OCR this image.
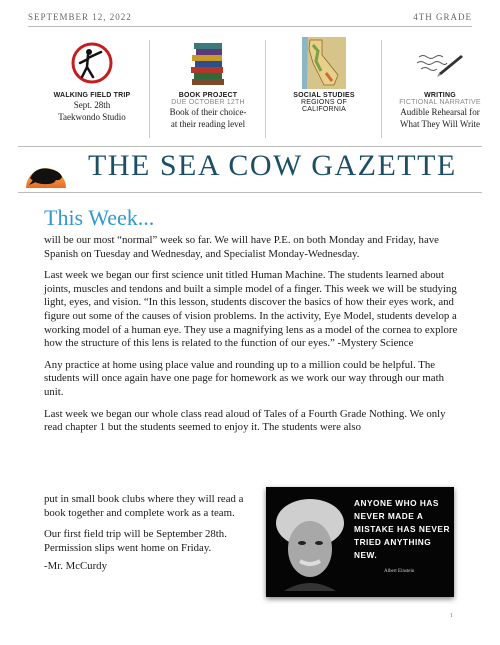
SEPTEMBER 12, 2022	4TH GRADE
WALKING FIELD TRIP
Sept. 28th
Taekwondo Studio
BOOK PROJECT
DUE OCTOBER 12TH
Book of their choice-
at their reading level
SOCIAL STUDIES
REGIONS OF
CALIFORNIA
WRITING
FICTIONAL NARRATIVE
Audible Rehearsal for
What They Will Write
THE SEA COW GAZETTE
This Week...

will be our most “normal” week so far. We will have P.E. on both Monday and Friday, have Spanish on Tuesday and Wednesday, and Specialist Monday-Wednesday.

Last week we began our first science unit titled Human Machine. The students learned about joints, muscles and tendons and built a simple model of a finger. This week we will be studying light, eyes, and vision. “In this lesson, students discover the basics of how their eyes work, and figure out some of the causes of vision problems. In the activity, Eye Model, students develop a working model of a human eye. They use a magnifying lens as a model of the cornea to explore how the structure of this lens is related to the function of our eyes.” -Mystery Science

Any practice at home using place value and rounding up to a million could be helpful. The students will once again have one page for homework as we work our way through our math unit.

Last week we began our whole class read aloud of Tales of a Fourth Grade Nothing. We only read chapter 1 but the students seemed to enjoy it. The students were also

put in small book clubs where they will read a book together and complete work as a team.

Our first field trip will be September 28th. Permission slips went home on Friday.

-Mr. McCurdy
ANYONE WHO HAS NEVER MADE A MISTAKE HAS NEVER TRIED ANYTHING NEW.
Albert Einstein
1
